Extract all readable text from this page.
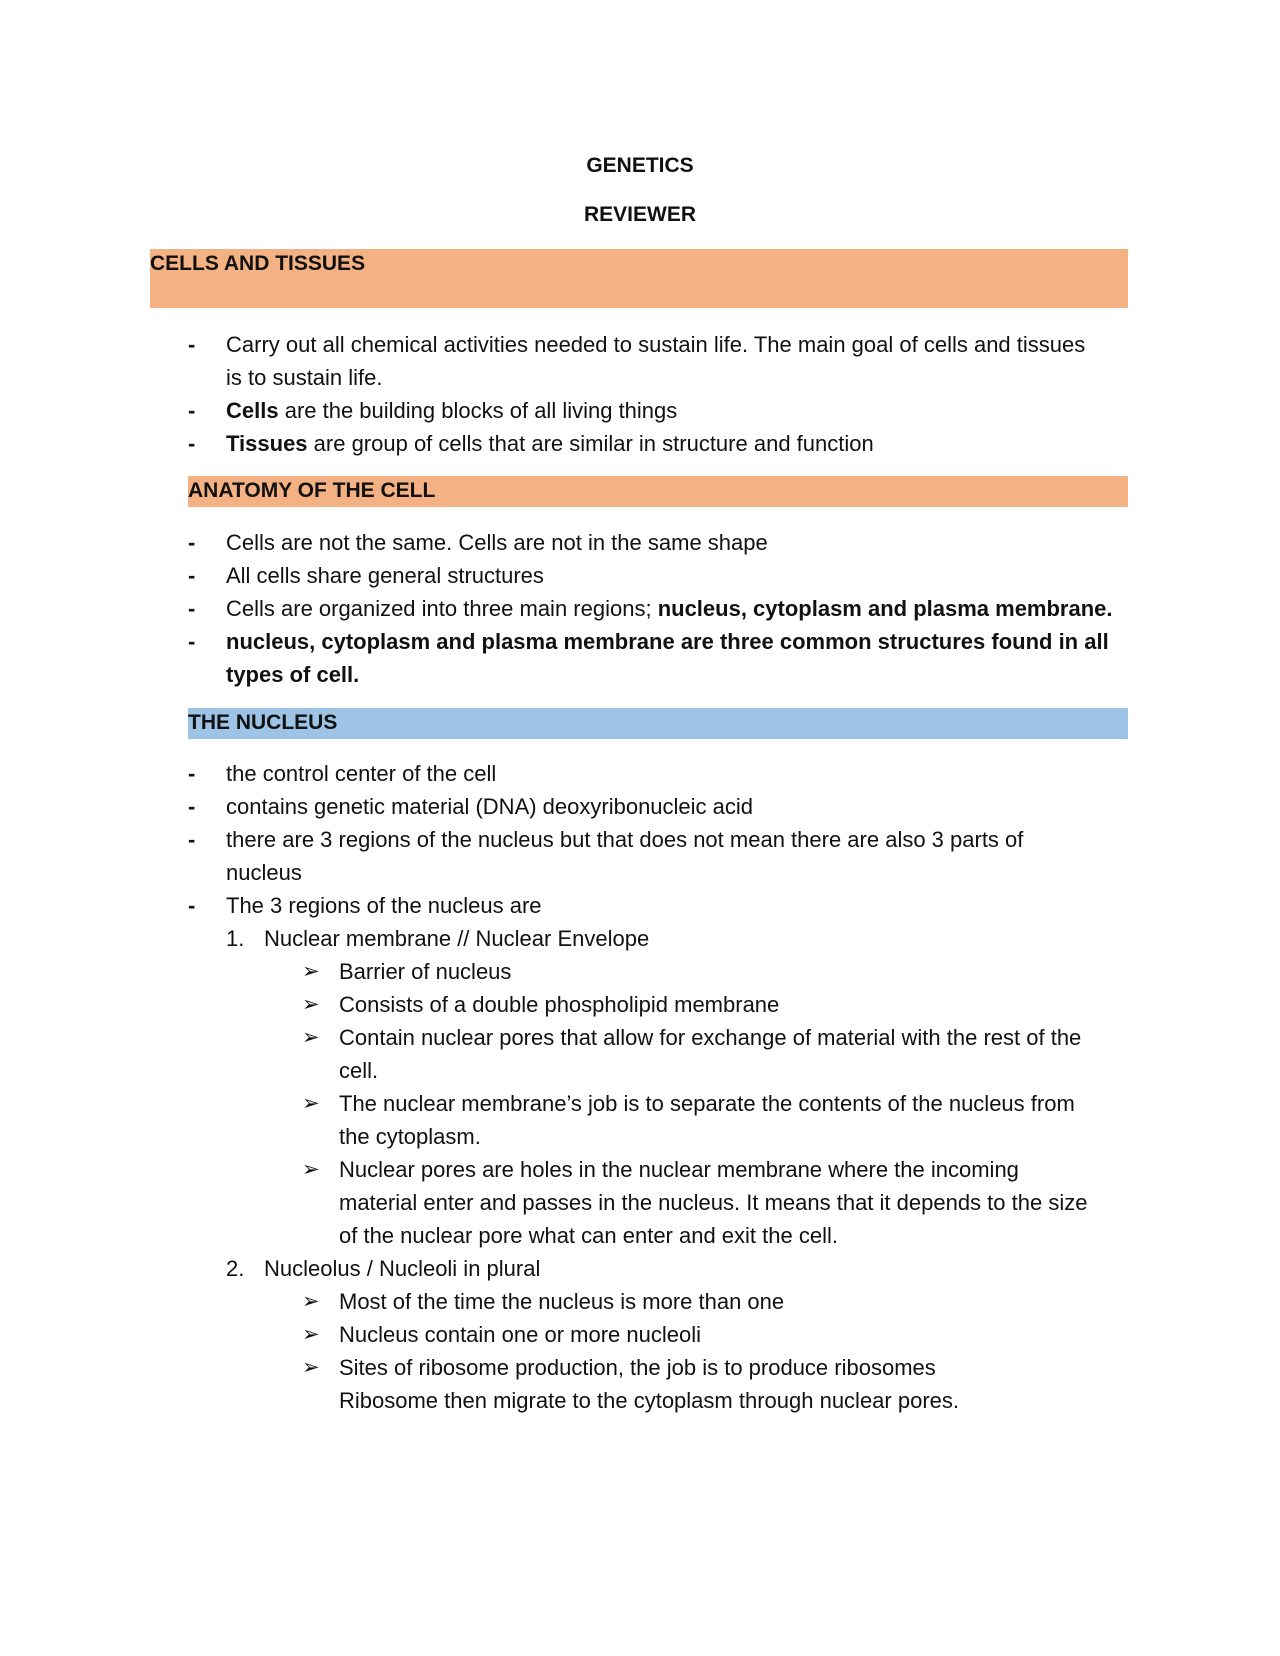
GENETICS
REVIEWER
CELLS AND TISSUES
-	Carry out all chemical activities needed to sustain life. The main goal of cells and tissues
is to sustain life.
-	Cells are the building blocks of all living things
-	Tissues are group of cells that are similar in structure and function
ANATOMY OF THE CELL
-	Cells are not the same. Cells are not in the same shape
-	All cells share general structures
-	Cells are organized into three main regions; nucleus, cytoplasm and plasma membrane.
-	nucleus, cytoplasm and plasma membrane are three common structures found in all
types of cell.
THE NUCLEUS
-	the control center of the cell
-	contains genetic material (DNA) deoxyribonucleic acid
-	there are 3 regions of the nucleus but that does not mean there are also 3 parts of
nucleus
-	The 3 regions of the nucleus are
1. Nuclear membrane // Nuclear Envelope
➢ Barrier of nucleus
➢ Consists of a double phospholipid membrane
➢ Contain nuclear pores that allow for exchange of material with the rest of the
cell.
➢ The nuclear membrane’s job is to separate the contents of the nucleus from
the cytoplasm.
➢ Nuclear pores are holes in the nuclear membrane where the incoming
material enter and passes in the nucleus. It means that it depends to the size
of the nuclear pore what can enter and exit the cell.
2. Nucleolus / Nucleoli in plural
➢ Most of the time the nucleus is more than one
➢ Nucleus contain one or more nucleoli
➢ Sites of ribosome production, the job is to produce ribosomes
Ribosome then migrate to the cytoplasm through nuclear pores.
